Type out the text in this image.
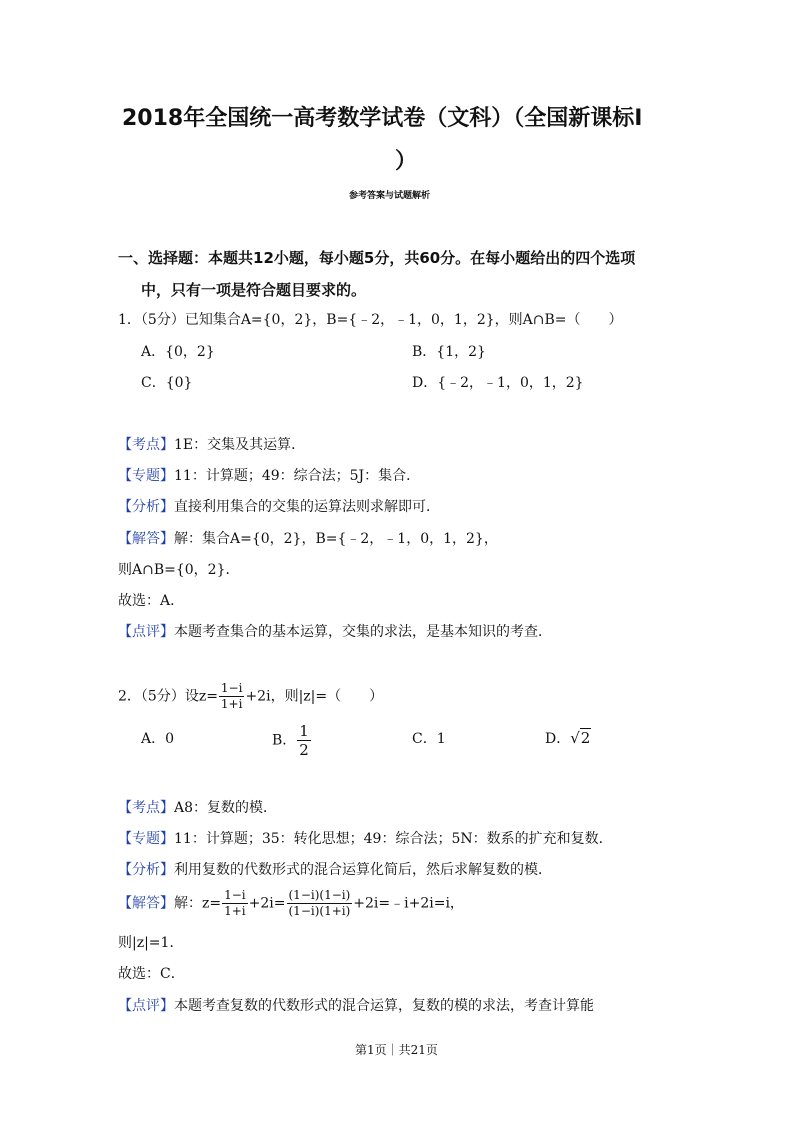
2018年全国统一高考数学试卷（文科）（全国新课标Ⅰ
）
参考答案与试题解析
一、选择题：本题共12小题，每小题5分，共60分。在每小题给出的四个选项
中，只有一项是符合题目要求的。
1．（5分）已知集合A={0，2}，B={﹣2，﹣1，0，1，2}，则A∩B=（　　）
A．{0，2}	B．{1，2}
C．{0}	D．{﹣2，﹣1，0，1，2}
【考点】1E：交集及其运算．
【专题】11：计算题；49：综合法；5J：集合．
【分析】直接利用集合的交集的运算法则求解即可．
【解答】解：集合A={0，2}，B={﹣2，﹣1，0，1，2}，
则A∩B={0，2}．
故选：A．
【点评】本题考查集合的基本运算，交集的求法，是基本知识的考查．
2．（5分）设$z= \frac{1-i}{1+i} +2i$，则|z|=（　　）
A．0	B． $\frac{1}{2}$	C．1	D．√2
【考点】A8：复数的模．
【专题】11：计算题；35：转化思想；49：综合法；5N：数系的扩充和复数．
【分析】利用复数的代数形式的混合运算化简后，然后求解复数的模．
【解答】解：$z= \frac{1-i}{1+i} +2i= \frac{(1-i)(1-i)}{(1-i)(1+i)}$ +2i=﹣i+2i=i，
则|z|=1．
故选：C．
【点评】本题考查复数的代数形式的混合运算，复数的模的求法，考查计算能
第1页｜共21页
